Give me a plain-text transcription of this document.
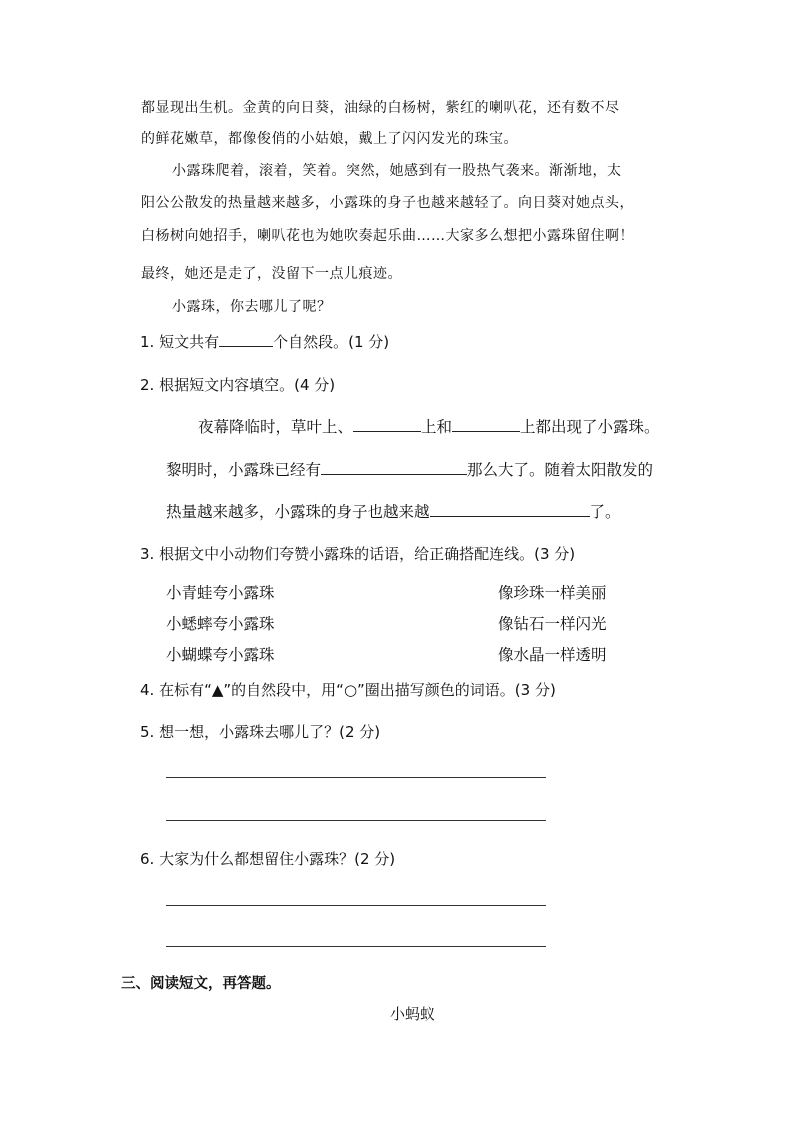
都显现出生机。金黄的向日葵，油绿的白杨树，紫红的喇叭花，还有数不尽
的鲜花嫩草，都像俊俏的小姑娘，戴上了闪闪发光的珠宝。
小露珠爬着，滚着，笑着。突然，她感到有一股热气袭来。渐渐地，太
阳公公散发的热量越来越多，小露珠的身子也越来越轻了。向日葵对她点头，
白杨树向她招手，喇叭花也为她吹奏起乐曲……大家多么想把小露珠留住啊！
最终，她还是走了，没留下一点儿痕迹。
小露珠，你去哪儿了呢？
1. 短文共有	个自然段。(1 分)
2. 根据短文内容填空。(4 分)
夜幕降临时，草叶上、	上和	上都出现了小露珠。
黎明时，小露珠已经有	那么大了。随着太阳散发的
热量越来越多，小露珠的身子也越来越	了。
3. 根据文中小动物们夸赞小露珠的话语，给正确搭配连线。(3 分)
小青蛙夸小露珠
小蟋蟀夸小露珠
小蝴蝶夸小露珠
像珍珠一样美丽
像钻石一样闪光
像水晶一样透明
4. 在标有“▲”的自然段中，用“○”圈出描写颜色的词语。(3 分)
5. 想一想，小露珠去哪儿了？(2 分)
6. 大家为什么都想留住小露珠？(2 分)
三、阅读短文，再答题。
小蚂蚁
